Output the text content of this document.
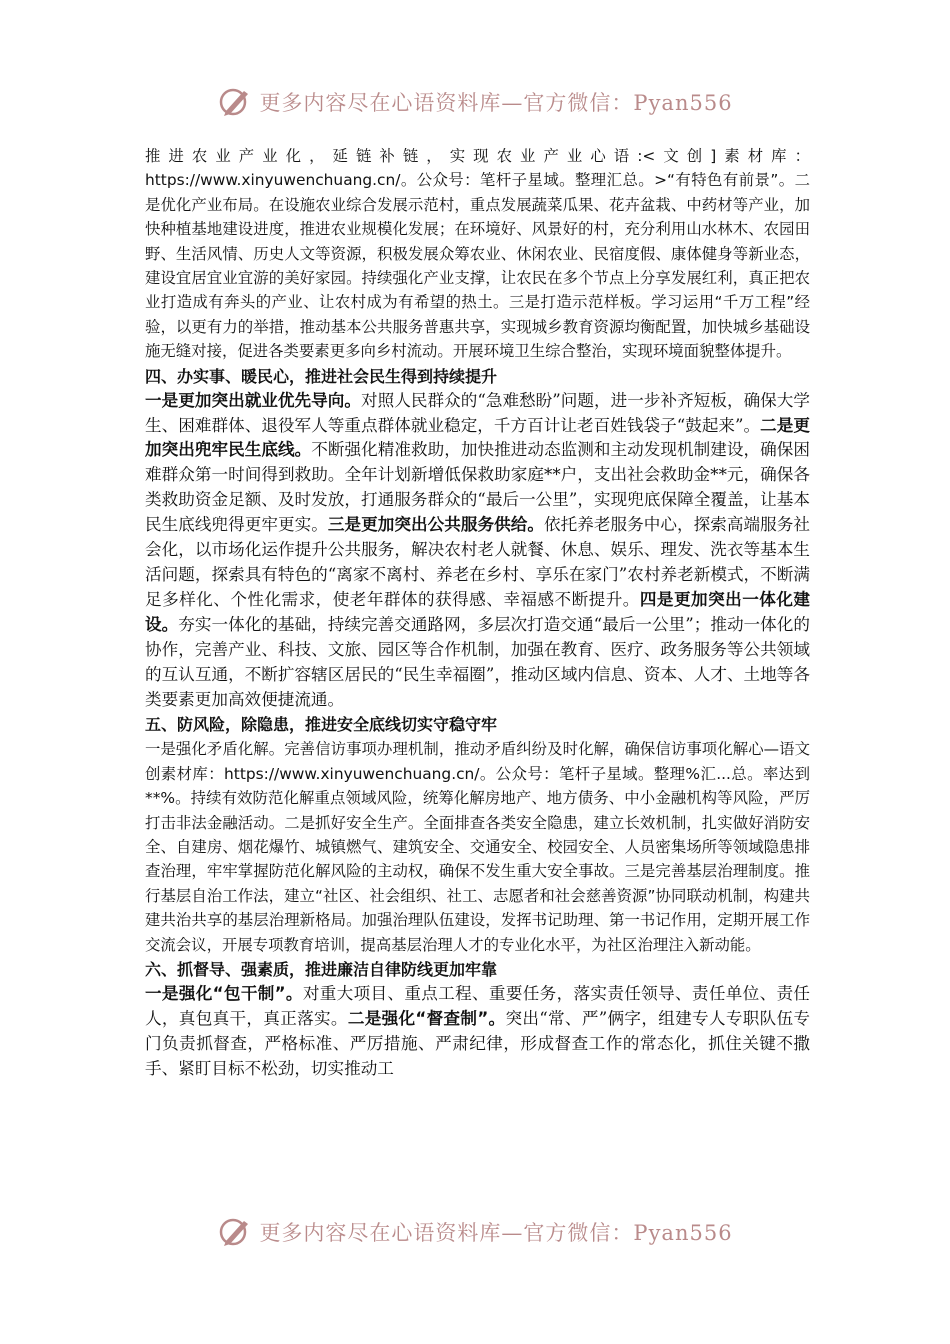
更多内容尽在心语资料库—官方微信：Pyan556

推进农业产业化，延链补链，实现农业产业心语:<文创]素材库：https://www.xinyuwenchuang.cn/。公众号：笔杆子星域。整理汇总。>“有特色有前景”。二是优化产业布局。在设施农业综合发展示范村，重点发展蔬菜瓜果、花卉盆栽、中药材等产业，加快种植基地建设进度，推进农业规模化发展；在环境好、风景好的村，充分利用山水林木、农园田野、生活风情、历史人文等资源，积极发展众筹农业、休闲农业、民宿度假、康体健身等新业态，建设宜居宜业宜游的美好家园。持续强化产业支撑，让农民在多个节点上分享发展红利，真正把农业打造成有奔头的产业、让农村成为有希望的热土。三是打造示范样板。学习运用“千万工程”经验，以更有力的举措，推动基本公共服务普惠共享，实现城乡教育资源均衡配置，加快城乡基础设施无缝对接，促进各类要素更多向乡村流动。开展环境卫生综合整治，实现环境面貌整体提升。

四、办实事、暖民心，推进社会民生得到持续提升

一是更加突出就业优先导向。对照人民群众的“急难愁盼”问题，进一步补齐短板，确保大学生、困难群体、退役军人等重点群体就业稳定，千方百计让老百姓钱袋子“鼓起来”。二是更加突出兜牢民生底线。不断强化精准救助，加快推进动态监测和主动发现机制建设，确保困难群众第一时间得到救助。全年计划新增低保救助家庭**户，支出社会救助金**元，确保各类救助资金足额、及时发放，打通服务群众的“最后一公里”，实现兜底保障全覆盖，让基本民生底线兜得更牢更实。三是更加突出公共服务供给。依托养老服务中心，探索高端服务社会化，以市场化运作提升公共服务，解决农村老人就餐、休息、娱乐、理发、洗衣等基本生活问题，探索具有特色的“离家不离村、养老在乡村、享乐在家门”农村养老新模式，不断满足多样化、个性化需求，使老年群体的获得感、幸福感不断提升。四是更加突出一体化建设。夯实一体化的基础，持续完善交通路网，多层次打造交通“最后一公里”；推动一体化的协作，完善产业、科技、文旅、园区等合作机制，加强在教育、医疗、政务服务等公共领域的互认互通，不断扩容辖区居民的“民生幸福圈”，推动区域内信息、资本、人才、土地等各类要素更加高效便捷流通。

五、防风险，除隐患，推进安全底线切实守稳守牢

一是强化矛盾化解。完善信访事项办理机制，推动矛盾纠纷及时化解，确保信访事项化解心—语文创素材库：https://www.xinyuwenchuang.cn/。公众号：笔杆子星域。整理%汇...总。率达到**%。持续有效防范化解重点领域风险，统筹化解房地产、地方债务、中小金融机构等风险，严厉打击非法金融活动。二是抓好安全生产。全面排查各类安全隐患，建立长效机制，扎实做好消防安全、自建房、烟花爆竹、城镇燃气、建筑安全、交通安全、校园安全、人员密集场所等领域隐患排查治理，牢牢掌握防范化解风险的主动权，确保不发生重大安全事故。三是完善基层治理制度。推行基层自治工作法，建立“社区、社会组织、社工、志愿者和社会慈善资源”协同联动机制，构建共建共治共享的基层治理新格局。加强治理队伍建设，发挥书记助理、第一书记作用，定期开展工作交流会议，开展专项教育培训，提高基层治理人才的专业化水平，为社区治理注入新动能。

六、抓督导、强素质，推进廉洁自律防线更加牢靠

一是强化“包干制”。对重大项目、重点工程、重要任务，落实责任领导、责任单位、责任人，真包真干，真正落实。二是强化“督查制”。突出“常、严”俩字，组建专人专职队伍专门负责抓督查，严格标准、严厉措施、严肃纪律，形成督查工作的常态化，抓住关键不撒手、紧盯目标不松劲，切实推动工

更多内容尽在心语资料库—官方微信：Pyan556
